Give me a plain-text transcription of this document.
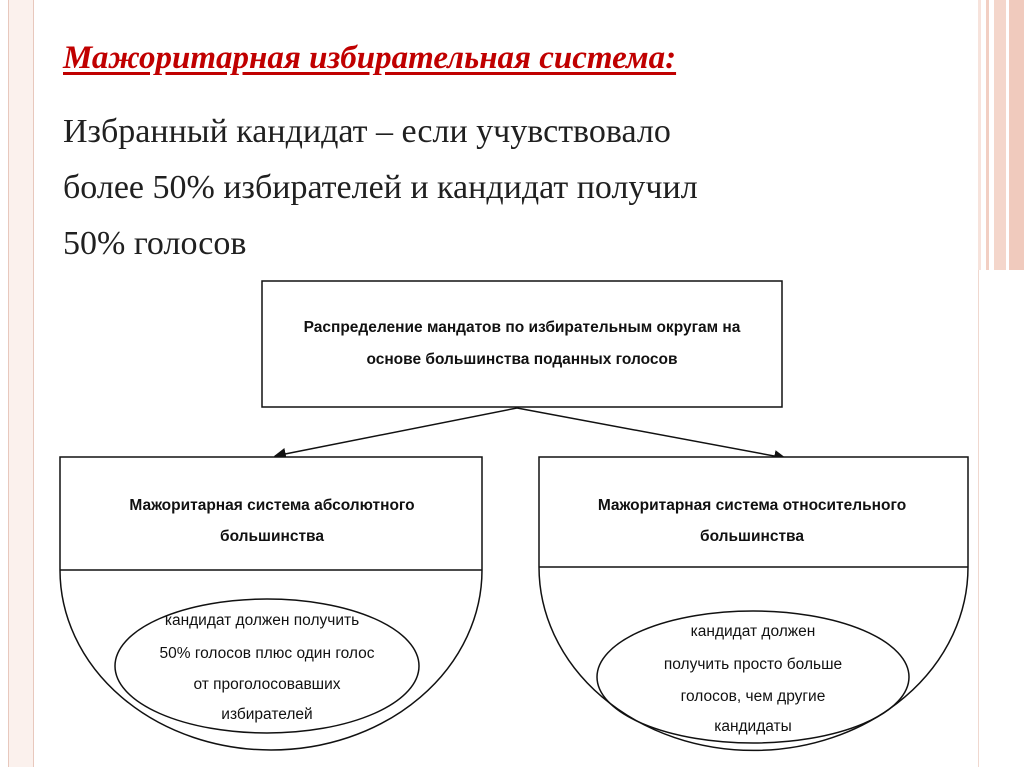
Мажоритарная избирательная система:
Избранный кандидат – если учувствовало
более 50% избирателей и кандидат получил
50% голосов
Распределение мандатов по избирательным округам на
основе большинства поданных голосов
Мажоритарная система абсолютного
большинства
кандидат должен получить
50% голосов плюс один голос
от проголосовавших
избирателей
Мажоритарная система относительного
большинства
кандидат должен
получить просто больше
голосов, чем другие
кандидаты
